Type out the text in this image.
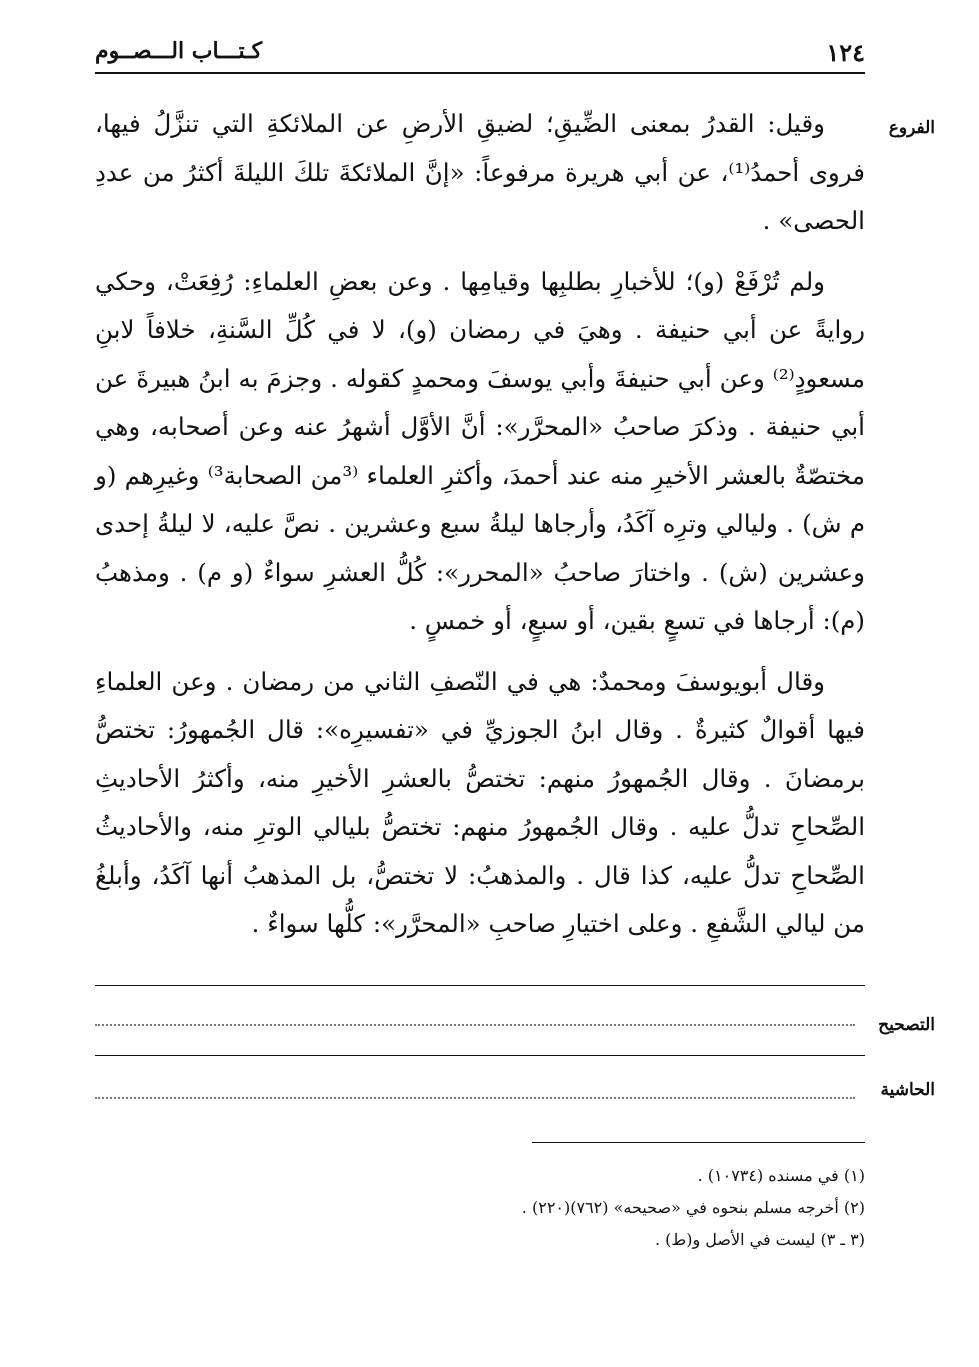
١٢٤
كـتـــاب الـــصــوم
الفروع

وقيل: القدرُ بمعنى الضِّيقِ؛ لضيقِ الأرضِ عن الملائكةِ التي تنزَّلُ فيها، فروى أحمدُ⁽¹⁾، عن أبي هريرة مرفوعاً: «إنَّ الملائكةَ تلكَ الليلةَ أكثرُ من عددِ الحصى» .

ولم تُرْفَعْ (و)؛ للأخبارِ بطلبِها وقيامِها . وعن بعضِ العلماءِ: رُفِعَتْ، وحكي روايةً عن أبي حنيفة . وهيَ في رمضان (و)، لا في كُلِّ السَّنةِ، خلافاً لابنِ مسعودٍ⁽²⁾ وعن أبي حنيفةَ وأبي يوسفَ ومحمدٍ كقوله . وجزمَ به ابنُ هبيرةَ عن أبي حنيفة . وذكرَ صاحبُ «المحرَّر»: أنَّ الأوَّل أشهرُ عنه وعن أصحابه، وهي مختصّةٌ بالعشر الأخيرِ منه عند أحمدَ، وأكثرِ العلماء ⁽³من الصحابة³⁾ وغيرِهم (و م ش) . وليالي وترِه آكَدُ، وأرجاها ليلةُ سبع وعشرين . نصَّ عليه، لا ليلةُ إحدى وعشرين (ش) . واختارَ صاحبُ «المحرر»: كُلُّ العشرِ سواءٌ (و م) . ومذهبُ (م): أرجاها في تسعٍ بقين، أو سبعٍ، أو خمسٍ .

وقال أبويوسفَ ومحمدٌ: هي في النّصفِ الثاني من رمضان . وعن العلماءِ فيها أقوالٌ كثيرةٌ . وقال ابنُ الجوزيِّ في «تفسيرِه»: قال الجُمهورُ: تختصُّ برمضانَ . وقال الجُمهورُ منهم: تختصُّ بالعشرِ الأخيرِ منه، وأكثرُ الأحاديثِ الصِّحاحِ تدلُّ عليه . وقال الجُمهورُ منهم: تختصُّ بليالي الوترِ منه، والأحاديثُ الصِّحاحِ تدلُّ عليه، كذا قال . والمذهبُ: لا تختصُّ، بل المذهبُ أنها آكَدُ، وأبلغُ من ليالي الشَّفعِ . وعلى اختيارِ صاحبِ «المحرَّر»: كلُّها سواءٌ .

التصحيح
الحاشية
(١) في مسنده (١٠٧٣٤) .
(٢) أخرجه مسلم بنحوه في «صحيحه» (٧٦٢)(٢٢٠) .
(٣ ـ ٣) ليست في الأصل و(ط) .
